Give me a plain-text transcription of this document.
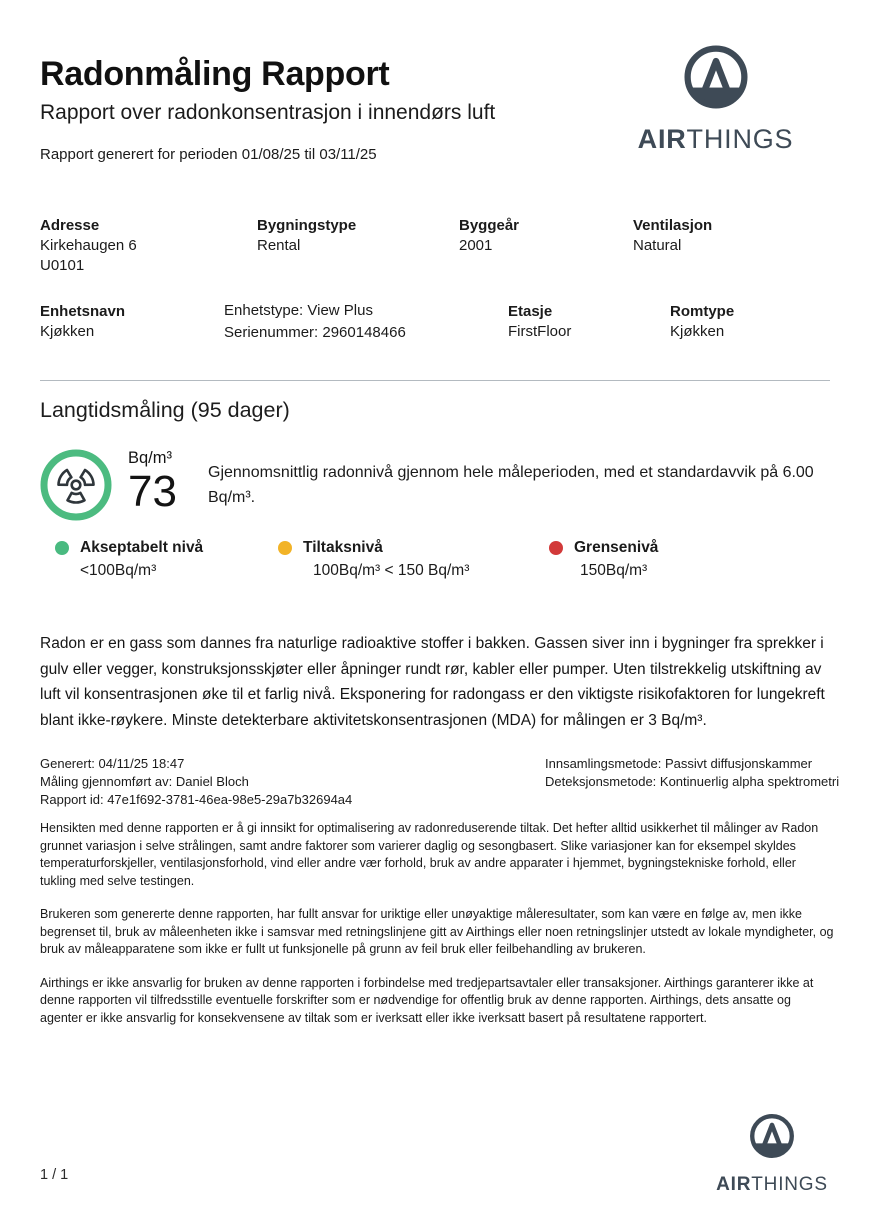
Radonmåling Rapport
Rapport over radonkonsentrasjon i innendørs luft
Rapport generert for perioden 01/08/25 til 03/11/25
AIRTHINGS
Adresse
Kirkehaugen 6
U0101
Bygningstype
Rental
Byggeår
2001
Ventilasjon
Natural
Enhetsnavn
Kjøkken
Enhetstype: View Plus
Serienummer: 2960148466
Etasje
FirstFloor
Romtype
Kjøkken
Langtidsmåling (95 dager)
Bq/m³
73 Gjennomsnittlig radonnivå gjennom hele måleperioden, med et standardavvik på 6.00 Bq/m³.
Akseptabelt nivå
<100Bq/m³
Tiltaksnivå
100Bq/m³ < 150 Bq/m³
Grensenivå
150Bq/m³
Radon er en gass som dannes fra naturlige radioaktive stoffer i bakken. Gassen siver inn i bygninger fra sprekker i gulv eller vegger, konstruksjonsskjøter eller åpninger rundt rør, kabler eller pumper. Uten tilstrekkelig utskiftning av luft vil konsentrasjonen øke til et farlig nivå. Eksponering for radongass er den viktigste risikofaktoren for lungekreft blant ikke-røykere. Minste detekterbare aktivitetskonsentrasjonen (MDA) for målingen er 3 Bq/m³.
Generert: 04/11/25 18:47
Måling gjennomført av: Daniel Bloch
Rapport id: 47e1f692-3781-46ea-98e5-29a7b32694a4
Innsamlingsmetode: Passivt diffusjonskammer
Deteksjonsmetode: Kontinuerlig alpha spektrometri

Hensikten med denne rapporten er å gi innsikt for optimalisering av radonreduserende tiltak. Det hefter alltid usikkerhet til målinger av Radon grunnet variasjon i selve strålingen, samt andre faktorer som varierer daglig og sesongbasert. Slike variasjoner kan for eksempel skyldes temperaturforskjeller, ventilasjonsforhold, vind eller andre vær forhold, bruk av andre apparater i hjemmet, bygningstekniske forhold, eller tukling med selve testingen.

Brukeren som genererte denne rapporten, har fullt ansvar for uriktige eller unøyaktige måleresultater, som kan være en følge av, men ikke begrenset til, bruk av måleenheten ikke i samsvar med retningslinjene gitt av Airthings eller noen retningslinjer utstedt av lokale myndigheter, og bruk av måleapparatene som ikke er fullt ut funksjonelle på grunn av feil bruk eller feilbehandling av brukeren.

Airthings er ikke ansvarlig for bruken av denne rapporten i forbindelse med tredjepartsavtaler eller transaksjoner. Airthings garanterer ikke at denne rapporten vil tilfredsstille eventuelle forskrifter som er nødvendige for offentlig bruk av denne rapporten. Airthings, dets ansatte og agenter er ikke ansvarlig for konsekvensene av tiltak som er iverksatt eller ikke iverksatt basert på resultatene rapportert.

1 / 1	AIRTHINGS
